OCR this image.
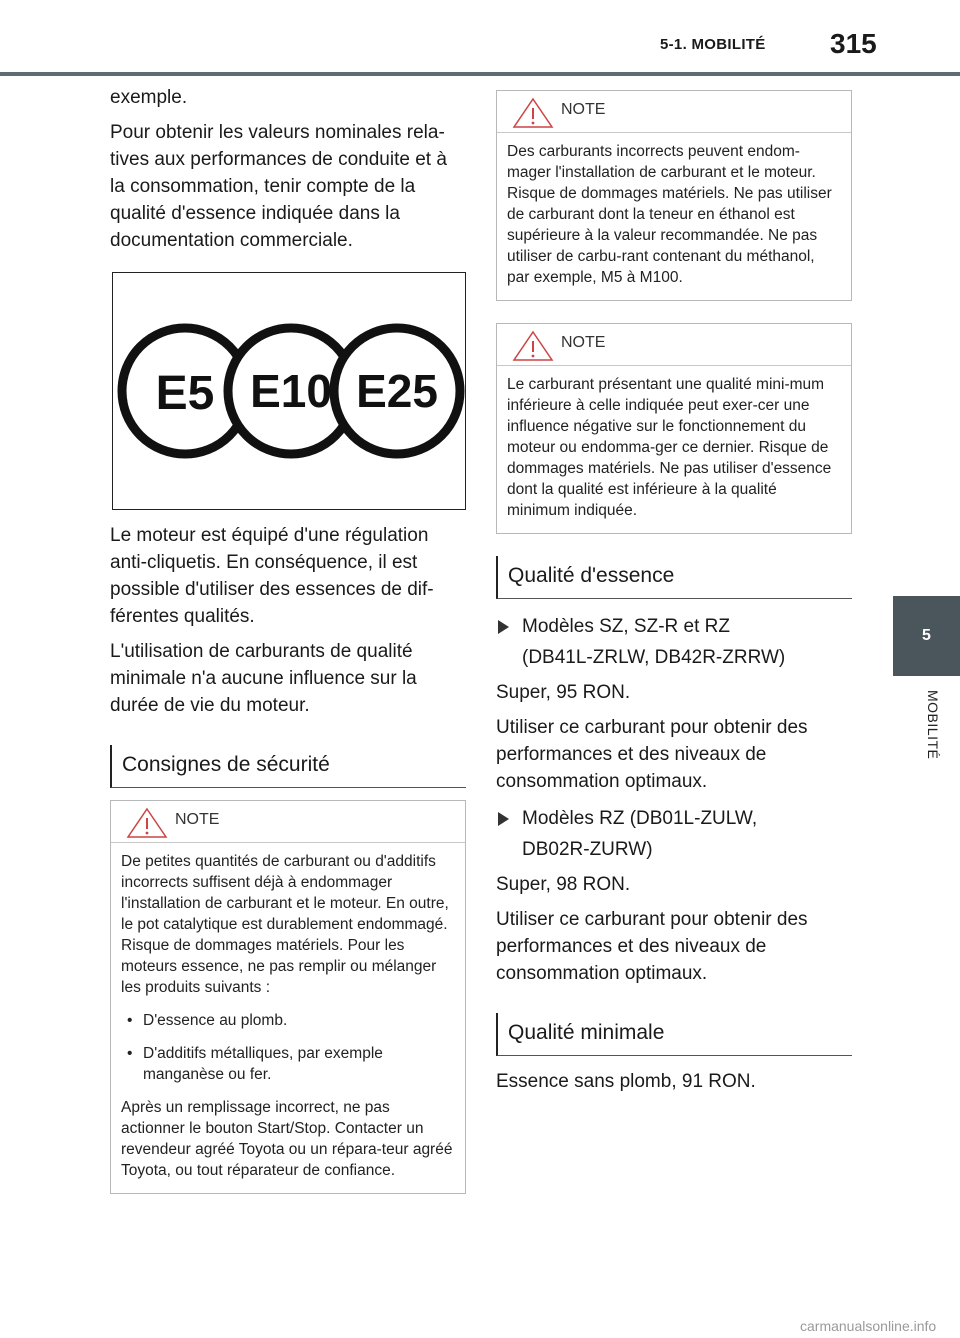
5-1. MOBILITÉ 315
5
MOBILITÉ

exemple.

Pour obtenir les valeurs nominales rela-tives aux performances de conduite et à la consommation, tenir compte de la qualité d'essence indiquée dans la documentation commerciale.

E5 E10 E25

Le moteur est équipé d'une régulation anti-cliquetis. En conséquence, il est possible d'utiliser des essences de dif-férentes qualités.

L'utilisation de carburants de qualité minimale n'a aucune influence sur la durée de vie du moteur.

Consignes de sécurité
NOTE

De petites quantités de carburant ou d'additifs incorrects suffisent déjà à endommager l'installation de carburant et le moteur. En outre, le pot catalytique est durablement endommagé. Risque de dommages matériels. Pour les moteurs essence, ne pas remplir ou mélanger les produits suivants :

• D'essence au plomb.

• D'additifs métalliques, par exemple manganèse ou fer.

Après un remplissage incorrect, ne pas actionner le bouton Start/Stop. Contacter un revendeur agréé Toyota ou un répara-teur agréé Toyota, ou tout réparateur de confiance.

NOTE

Des carburants incorrects peuvent endom-mager l'installation de carburant et le moteur. Risque de dommages matériels. Ne pas utiliser de carburant dont la teneur en éthanol est supérieure à la valeur recommandée. Ne pas utiliser de carbu-rant contenant du méthanol, par exemple, M5 à M100.

NOTE

Le carburant présentant une qualité mini-mum inférieure à celle indiquée peut exer-cer une influence négative sur le fonctionnement du moteur ou endomma-ger ce dernier. Risque de dommages matériels. Ne pas utiliser d'essence dont la qualité est inférieure à la qualité minimum indiquée.

Qualité d'essence
Modèles SZ, SZ-R et RZ
(DB41L-ZRLW, DB42R-ZRRW)

Super, 95 RON.

Utiliser ce carburant pour obtenir des performances et des niveaux de consommation optimaux.

Modèles RZ (DB01L-ZULW,
DB02R-ZURW)

Super, 98 RON.

Utiliser ce carburant pour obtenir des performances et des niveaux de consommation optimaux.

Qualité minimale

Essence sans plomb, 91 RON.

carmanualsonline.info
